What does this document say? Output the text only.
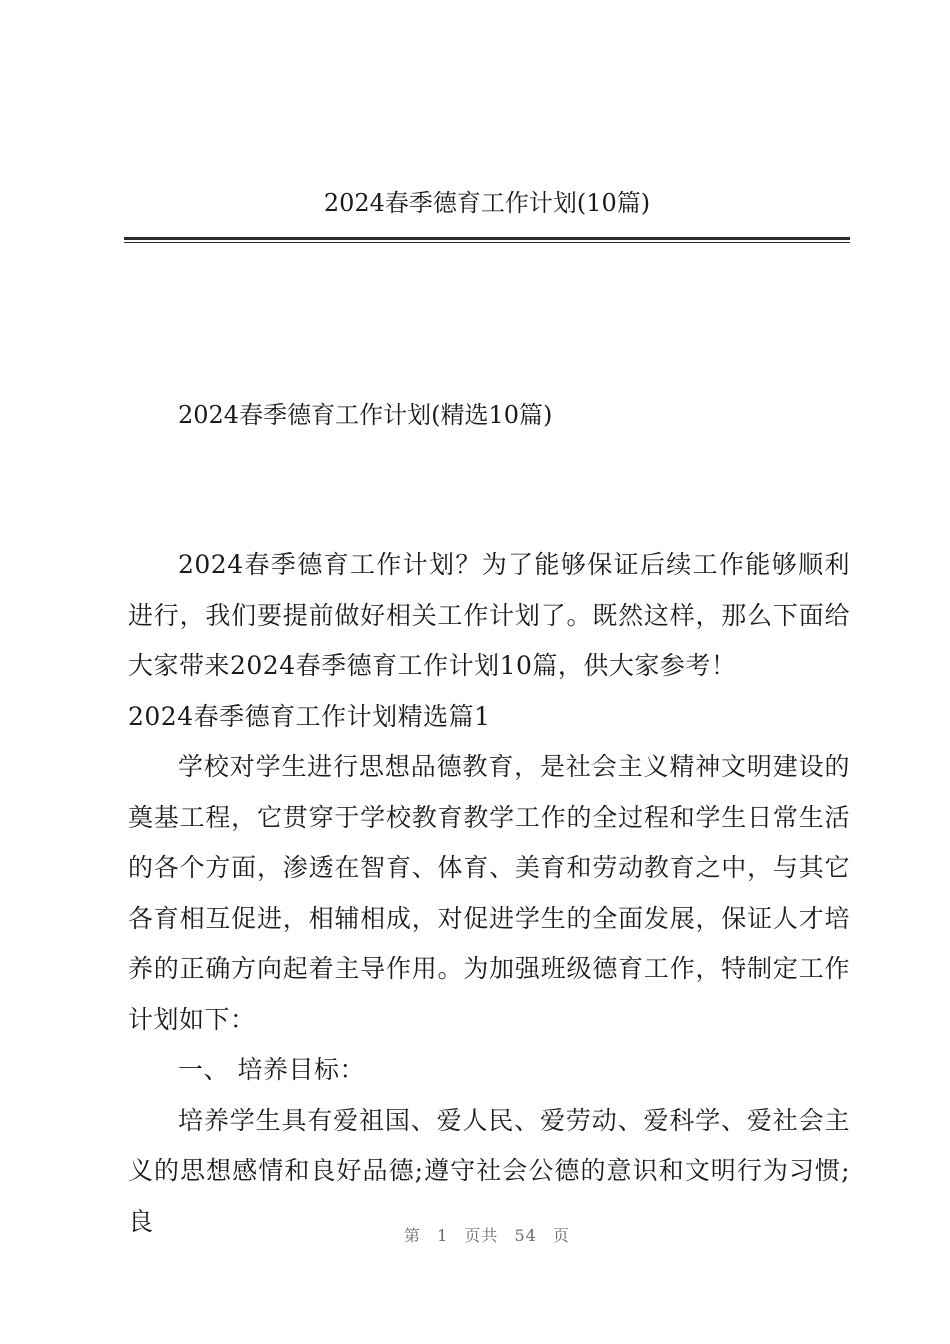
2024春季德育工作计划(10篇)
2024春季德育工作计划(精选10篇)

2024春季德育工作计划？为了能够保证后续工作能够顺利进行，我们要提前做好相关工作计划了。既然这样，那么下面给大家带来2024春季德育工作计划10篇，供大家参考！

2024春季德育工作计划精选篇1

学校对学生进行思想品德教育，是社会主义精神文明建设的奠基工程，它贯穿于学校教育教学工作的全过程和学生日常生活的各个方面，渗透在智育、体育、美育和劳动教育之中，与其它各育相互促进，相辅相成，对促进学生的全面发展，保证人才培养的正确方向起着主导作用。为加强班级德育工作，特制定工作计划如下：

一、 培养目标：

培养学生具有爱祖国、爱人民、爱劳动、爱科学、爱社会主义的思想感情和良好品德;遵守社会公德的意识和文明行为习惯;良	第 1 页共 54 页
